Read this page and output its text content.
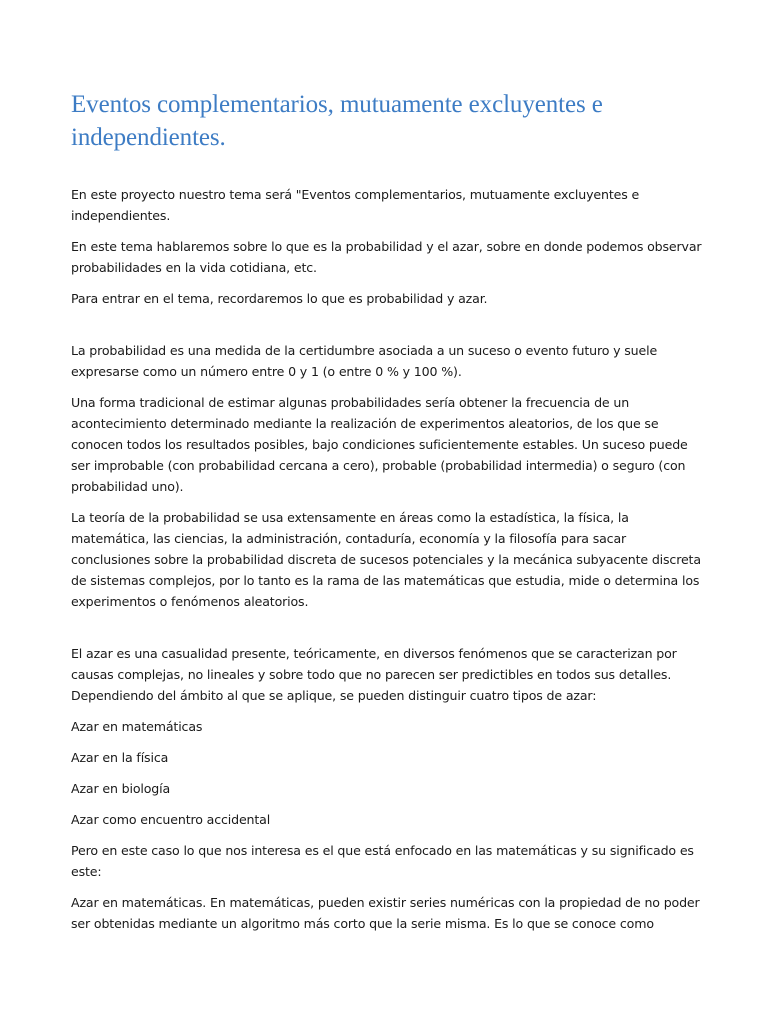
Eventos complementarios, mutuamente excluyentes e independientes.

En este proyecto nuestro tema será "Eventos complementarios, mutuamente excluyentes e independientes.

En este tema hablaremos sobre lo que es la probabilidad y el azar, sobre en donde podemos observar probabilidades en la vida cotidiana, etc.

Para entrar en el tema, recordaremos lo que es probabilidad y azar.

La probabilidad es una medida de la certidumbre asociada a un suceso o evento futuro y suele expresarse como un número entre 0 y 1 (o entre 0 % y 100 %).

Una forma tradicional de estimar algunas probabilidades sería obtener la frecuencia de un acontecimiento determinado mediante la realización de experimentos aleatorios, de los que se conocen todos los resultados posibles, bajo condiciones suficientemente estables. Un suceso puede ser improbable (con probabilidad cercana a cero), probable (probabilidad intermedia) o seguro (con probabilidad uno).

La teoría de la probabilidad se usa extensamente en áreas como la estadística, la física, la matemática, las ciencias, la administración, contaduría, economía y la filosofía para sacar conclusiones sobre la probabilidad discreta de sucesos potenciales y la mecánica subyacente discreta de sistemas complejos, por lo tanto es la rama de las matemáticas que estudia, mide o determina los experimentos o fenómenos aleatorios.

El azar es una casualidad presente, teóricamente, en diversos fenómenos que se caracterizan por causas complejas, no lineales y sobre todo que no parecen ser predictibles en todos sus detalles. Dependiendo del ámbito al que se aplique, se pueden distinguir cuatro tipos de azar:

Azar en matemáticas

Azar en la física

Azar en biología

Azar como encuentro accidental

Pero en este caso lo que nos interesa es el que está enfocado en las matemáticas y su significado es este:

Azar en matemáticas. En matemáticas, pueden existir series numéricas con la propiedad de no poder ser obtenidas mediante un algoritmo más corto que la serie misma. Es lo que se conoce como
